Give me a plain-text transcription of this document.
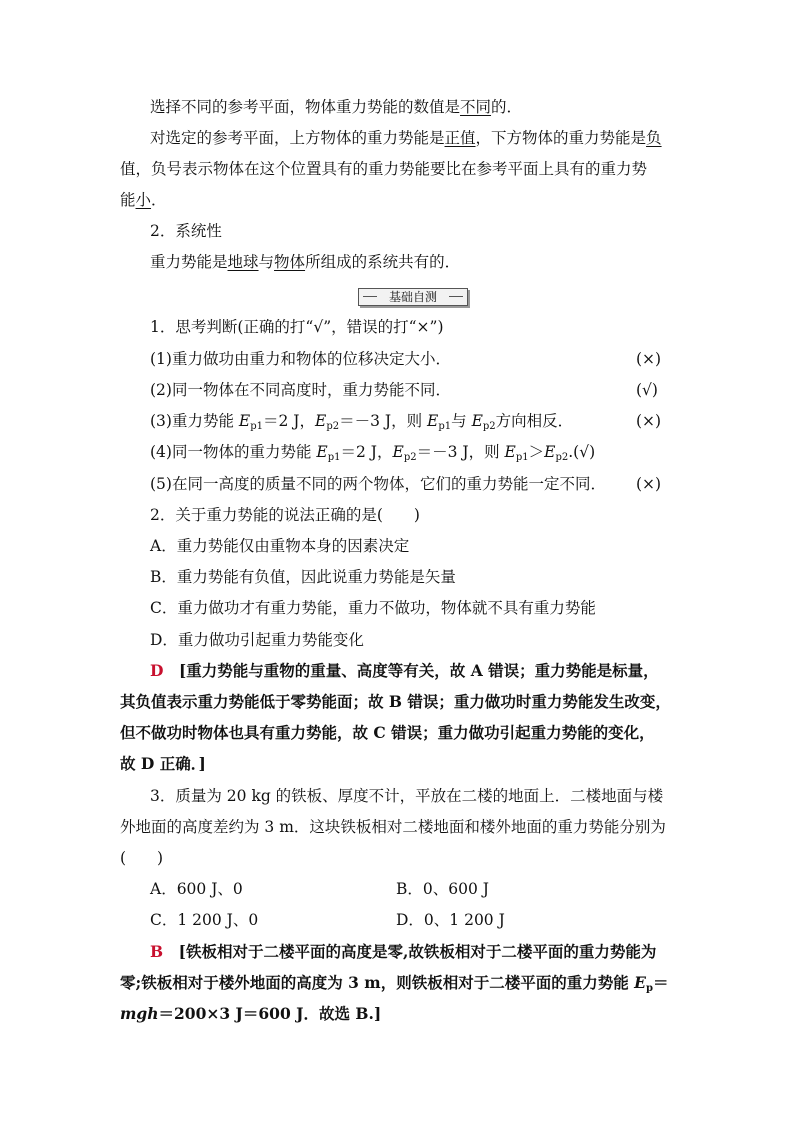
选择不同的参考平面，物体重力势能的数值是不同的．
对选定的参考平面，上方物体的重力势能是正值，下方物体的重力势能是负
值，负号表示物体在这个位置具有的重力势能要比在参考平面上具有的重力势
能小．
2．系统性
重力势能是地球与物体所组成的系统共有的．
基础自测
1．思考判断(正确的打“√”，错误的打“×”)
(1)重力做功由重力和物体的位移决定大小．	(×)
(2)同一物体在不同高度时，重力势能不同．	(√)
(3)重力势能 $E_{p1}=2$ J，$E_{p2}=-3$ J，则 $E_{p1}$与 $E_{p2}$方向相反．	(×)
(4)同一物体的重力势能 $E_{p1}=2$ J，$E_{p2}=-3$ J，则 $E_{p1}>E_{p2}.(√)$
(5)在同一高度的质量不同的两个物体，它们的重力势能一定不同． (×)
2．关于重力势能的说法正确的是(　　)
A．重力势能仅由重物本身的因素决定
B．重力势能有负值，因此说重力势能是矢量
C．重力做功才有重力势能，重力不做功，物体就不具有重力势能
D．重力做功引起重力势能变化
D　 [重力势能与重物的重量、高度等有关，故 A 错误；重力势能是标量，
其负值表示重力势能低于零势能面；故 B 错误；重力做功时重力势能发生改变，
但不做功时物体也具有重力势能，故 C 错误；重力做功引起重力势能的变化，
故 D 正确．]
3．质量为 20 kg 的铁板、厚度不计，平放在二楼的地面上．二楼地面与楼
外地面的高度差约为 3 m．这块铁板相对二楼地面和楼外地面的重力势能分别为
(　　)
A．600 J、0	B．0、600 J
C．1 200 J、0	D．0、1 200 J
B　 [铁板相对于二楼平面的高度是零,故铁板相对于二楼平面的重力势能为
零;铁板相对于楼外地面的高度为 3 m，则铁板相对于二楼平面的重力势能 $E_p=$
mgh＝200×3 J＝600 J．故选 B.]
